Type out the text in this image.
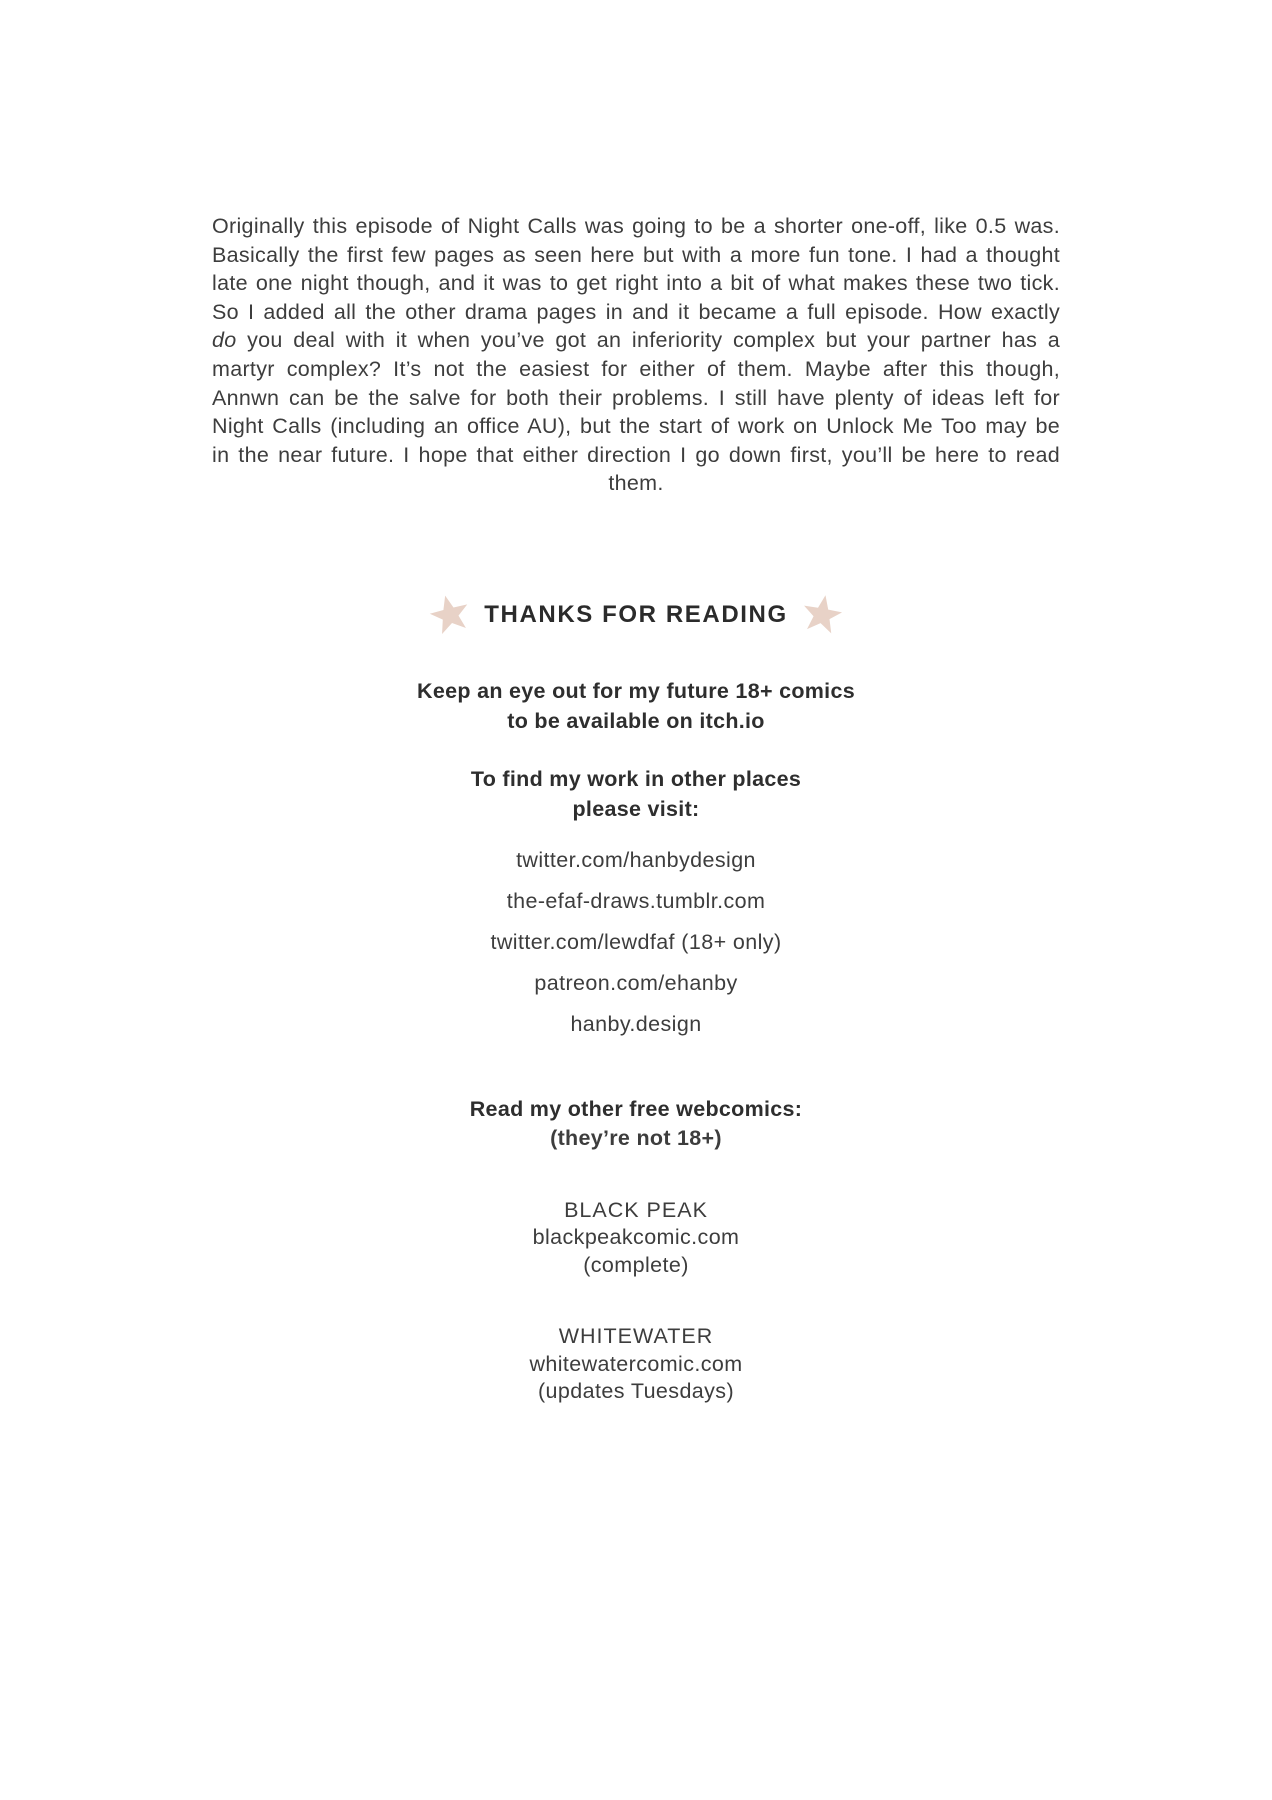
Originally this episode of Night Calls was going to be a shorter one-off, like 0.5 was. Basically the first few pages as seen here but with a more fun tone. I had a thought late one night though, and it was to get right into a bit of what makes these two tick. So I added all the other drama pages in and it became a full episode. How exactly do you deal with it when you’ve got an inferiority complex but your partner has a martyr complex? It’s not the easiest for either of them. Maybe after this though, Annwn can be the salve for both their problems. I still have plenty of ideas left for Night Calls (including an office AU), but the start of work on Unlock Me Too may be in the near future. I hope that either direction I go down first, you’ll be here to read them.

THANKS FOR READING
Keep an eye out for my future 18+ comics
to be available on itch.io
To find my work in other places
please visit:
twitter.com/hanbydesign
the-efaf-draws.tumblr.com
twitter.com/lewdfaf (18+ only)
patreon.com/ehanby
hanby.design
Read my other free webcomics:
(they’re not 18+)
BLACK PEAK
blackpeakcomic.com
(complete)
WHITEWATER
whitewatercomic.com
(updates Tuesdays)
